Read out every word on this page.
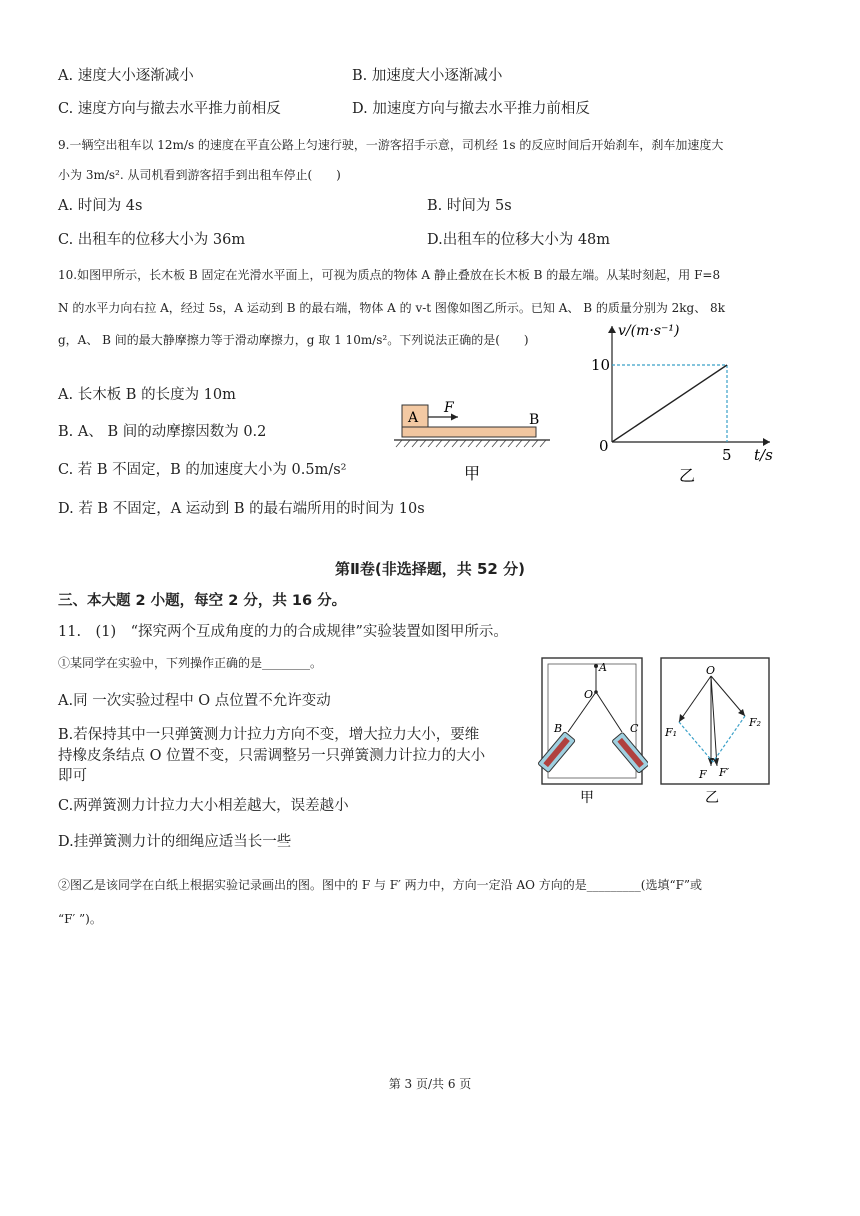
A. 速度大小逐渐减小	B. 加速度大小逐渐减小
C. 速度方向与撤去水平推力前相反	D. 加速度方向与撤去水平推力前相反
9.一辆空出租车以 12m/s 的速度在平直公路上匀速行驶，一游客招手示意，司机经 1s 的反应时间后开始刹车，刹车加速度大
小为 3m/s². 从司机看到游客招手到出租车停止(　　)
A. 时间为 4s	B. 时间为 5s
C. 出租车的位移大小为 36m	D.出租车的位移大小为 48m
10.如图甲所示，长木板 B 固定在光滑水平面上，可视为质点的物体 A 静止叠放在长木板 B 的最左端。从某时刻起，用 F=8
N 的水平力向右拉 A，经过 5s，A 运动到 B 的最右端，物体 A 的 v-t 图像如图乙所示。已知 A、 B 的质量分别为 2kg、 8k
g，A、 B 间的最大静摩擦力等于滑动摩擦力，g 取 1 10m/s²。下列说法正确的是(　　)
A. 长木板 B 的长度为 10m
B. A、 B 间的动摩擦因数为 0.2
C. 若 B 不固定，B 的加速度大小为 0.5m/s²
D. 若 B 不固定，A 运动到 B 的最右端所用的时间为 10s
A
F
B
甲
v/(m·s⁻¹)
10
0	5 t/s
乙
第Ⅱ卷(非选择题，共 52 分)
三、本大题 2 小题，每空 2 分，共 16 分。
11.　(1)　“探究两个互成角度的力的合成规律”实验装置如图甲所示。
①某同学在实验中，下列操作正确的是________。
A.同 一次实验过程中 O 点位置不允许变动
B.若保持其中一只弹簧测力计拉力方向不变，增大拉力大小，要维
持橡皮条结点 O 位置不变，只需调整另一只弹簧测力计拉力的大小
即可
C.两弹簧测力计拉力大小相差越大，误差越小
D.挂弹簧测力计的细绳应适当长一些
②图乙是该同学在白纸上根据实验记录画出的图。图中的 F 与 F′ 两力中，方向一定沿 AO 方向的是_________(选填“F”或
“F′ ”)。
A
O
B	C
甲
O
F₁
F₂
F F′
乙
第 3 页/共 6 页
